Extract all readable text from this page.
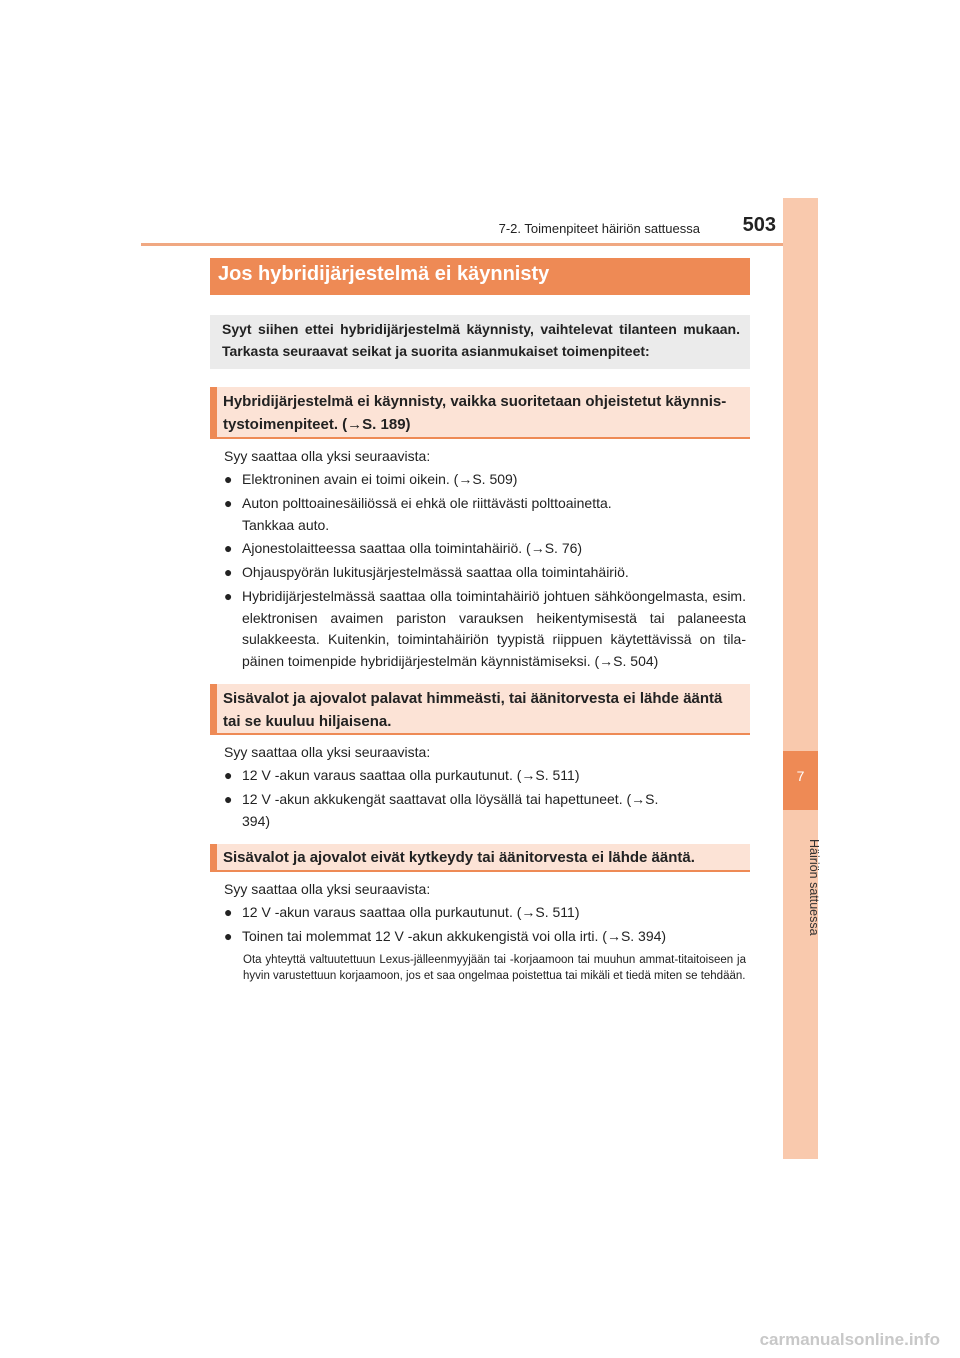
7-2. Toimenpiteet häiriön sattuessa	503
7
Häiriön sattuessa
Jos hybridijärjestelmä ei käynnisty
Syyt siihen ettei hybridijärjestelmä käynnisty, vaihtelevat tilanteen mukaan. Tarkasta seuraavat seikat ja suorita asianmukaiset toimenpiteet:
Hybridijärjestelmä ei käynnisty, vaikka suoritetaan ohjeistetut käynnis-tystoimenpiteet. (→S. 189)
Syy saattaa olla yksi seuraavista:
● Elektroninen avain ei toimi oikein. (→S. 509)
● Auton polttoainesäiliössä ei ehkä ole riittävästi polttoainetta.
Tankkaa auto.
● Ajonestolaitteessa saattaa olla toimintahäiriö. (→S. 76)
● Ohjauspyörän lukitusjärjestelmässä saattaa olla toimintahäiriö.
● Hybridijärjestelmässä saattaa olla toimintahäiriö johtuen sähköongelmasta, esim. elektronisen avaimen pariston varauksen heikentymisestä tai palaneesta sulakkeesta. Kuitenkin, toimintahäiriön tyypistä riippuen käytettävissä on tila-päinen toimenpide hybridijärjestelmän käynnistämiseksi. (→S. 504)
Sisävalot ja ajovalot palavat himmeästi, tai äänitorvesta ei lähde ääntä tai se kuuluu hiljaisena.
Syy saattaa olla yksi seuraavista:
● 12 V -akun varaus saattaa olla purkautunut. (→S. 511)
● 12 V -akun akkukengät saattavat olla löysällä tai hapettuneet. (→S. 394)
Sisävalot ja ajovalot eivät kytkeydy tai äänitorvesta ei lähde ääntä.
Syy saattaa olla yksi seuraavista:
● 12 V -akun varaus saattaa olla purkautunut. (→S. 511)
● Toinen tai molemmat 12 V -akun akkukengistä voi olla irti. (→S. 394)
Ota yhteyttä valtuutettuun Lexus-jälleenmyyjään tai -korjaamoon tai muuhun ammat-titaitoiseen ja hyvin varustettuun korjaamoon, jos et saa ongelmaa poistettua tai mikäli et tiedä miten se tehdään.
carmanualsonline.info
